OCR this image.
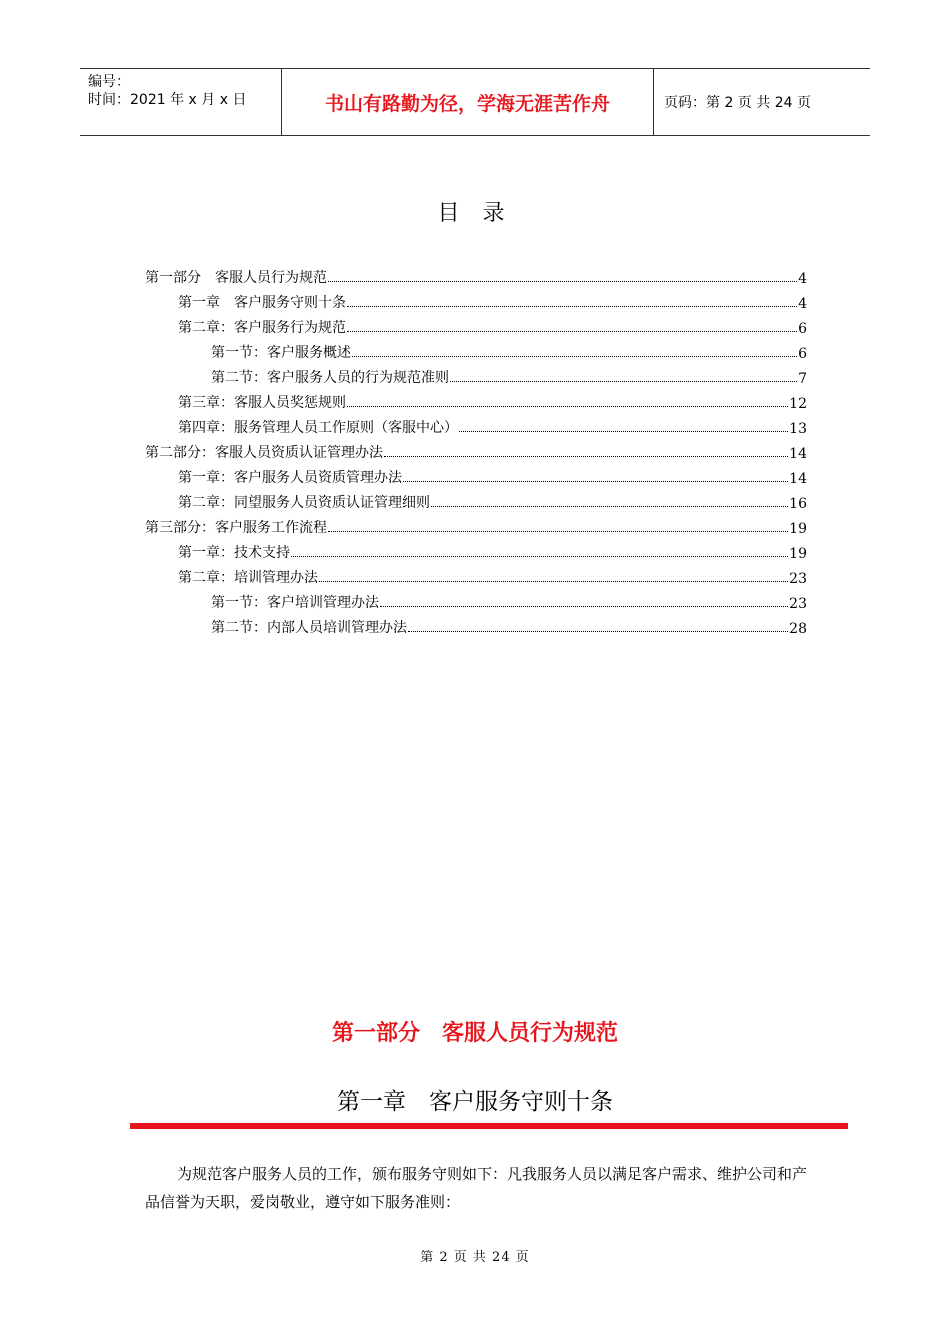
编号：
时间：2021 年 x 月 x 日	书山有路勤为径，学海无涯苦作舟	页码：第 2 页 共 24 页
目 录
第一部分　客服人员行为规范	4
第一章　客户服务守则十条	4
第二章：客户服务行为规范	6
第一节：客户服务概述	6
第二节：客户服务人员的行为规范准则	7
第三章：客服人员奖惩规则	12
第四章：服务管理人员工作原则（客服中心）	13
第二部分：客服人员资质认证管理办法	14
第一章：客户服务人员资质管理办法	14
第二章：同望服务人员资质认证管理细则	16
第三部分：客户服务工作流程	19
第一章：技术支持	19
第二章：培训管理办法	23
第一节：客户培训管理办法	23
第二节：内部人员培训管理办法	28
第一部分　客服人员行为规范
第一章　客户服务守则十条
为规范客户服务人员的工作，颁布服务守则如下：凡我服务人员以满足客户需求、维护公司和产品信誉为天职，爱岗敬业，遵守如下服务准则：
第 2 页 共 24 页
